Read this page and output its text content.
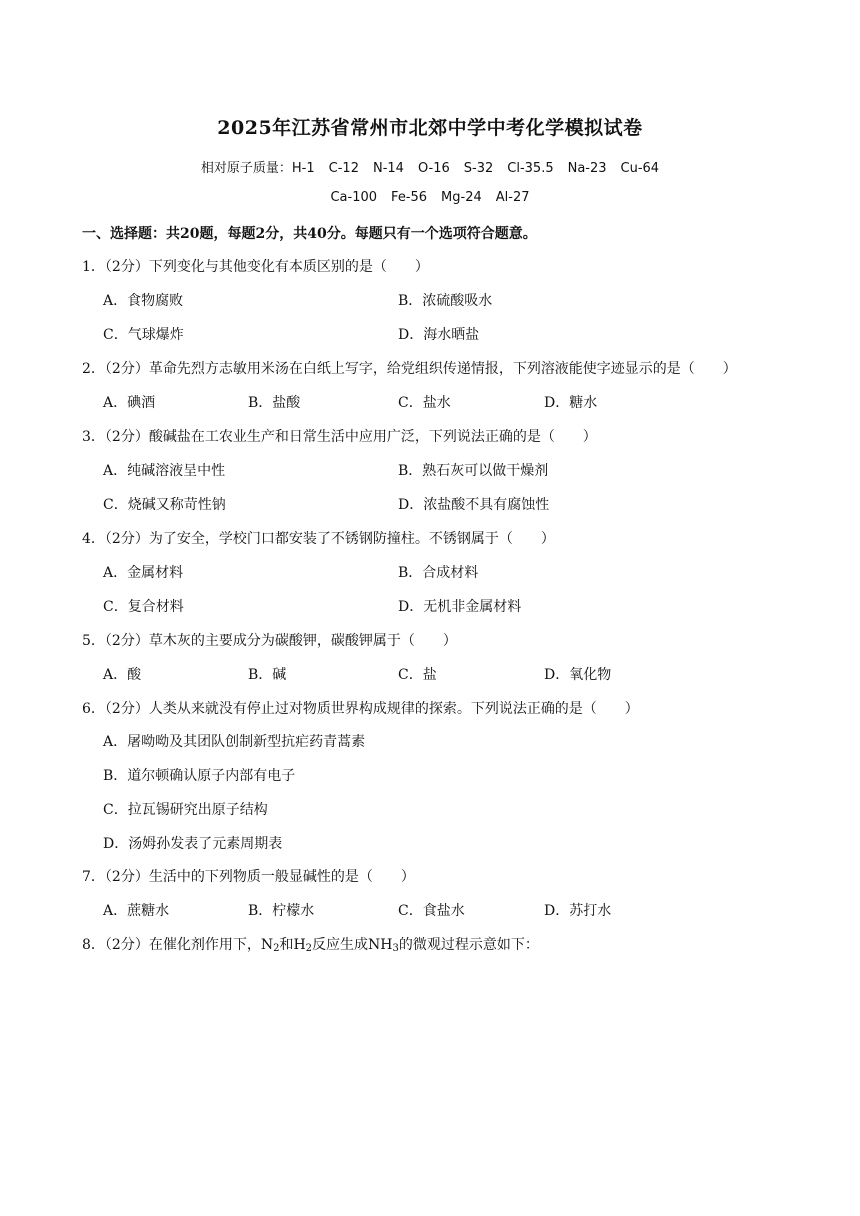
2025年江苏省常州市北郊中学中考化学模拟试卷
相对原子质量：H-1 C-12 N-14 O-16 S-32 Cl-35.5 Na-23 Cu-64
Ca-100 Fe-56 Mg-24 Al-27
一、选择题：共20题，每题2分，共40分。每题只有一个选项符合题意。
1．（2分）下列变化与其他变化有本质区别的是（　　）
A．食物腐败	B．浓硫酸吸水
C．气球爆炸	D．海水晒盐
2．（2分）革命先烈方志敏用米汤在白纸上写字，给党组织传递情报，下列溶液能使字迹显示的是（　　）
A．碘酒	B．盐酸	C．盐水	D．糖水
3．（2分）酸碱盐在工农业生产和日常生活中应用广泛，下列说法正确的是（　　）
A．纯碱溶液呈中性	B．熟石灰可以做干燥剂
C．烧碱又称苛性钠	D．浓盐酸不具有腐蚀性
4．（2分）为了安全，学校门口都安装了不锈钢防撞柱。不锈钢属于（　　）
A．金属材料	B．合成材料
C．复合材料	D．无机非金属材料
5．（2分）草木灰的主要成分为碳酸钾，碳酸钾属于（　　）
A．酸	B．碱	C．盐	D．氧化物
6．（2分）人类从来就没有停止过对物质世界构成规律的探索。下列说法正确的是（　　）
A．屠呦呦及其团队创制新型抗疟药青蒿素
B．道尔顿确认原子内部有电子
C．拉瓦锡研究出原子结构
D．汤姆孙发表了元素周期表
7．（2分）生活中的下列物质一般显碱性的是（　　）
A．蔗糖水	B．柠檬水	C．食盐水	D．苏打水
8．（2分）在催化剂作用下，$N_2$和$H_2$反应生成$NH_3$的微观过程示意如下：
